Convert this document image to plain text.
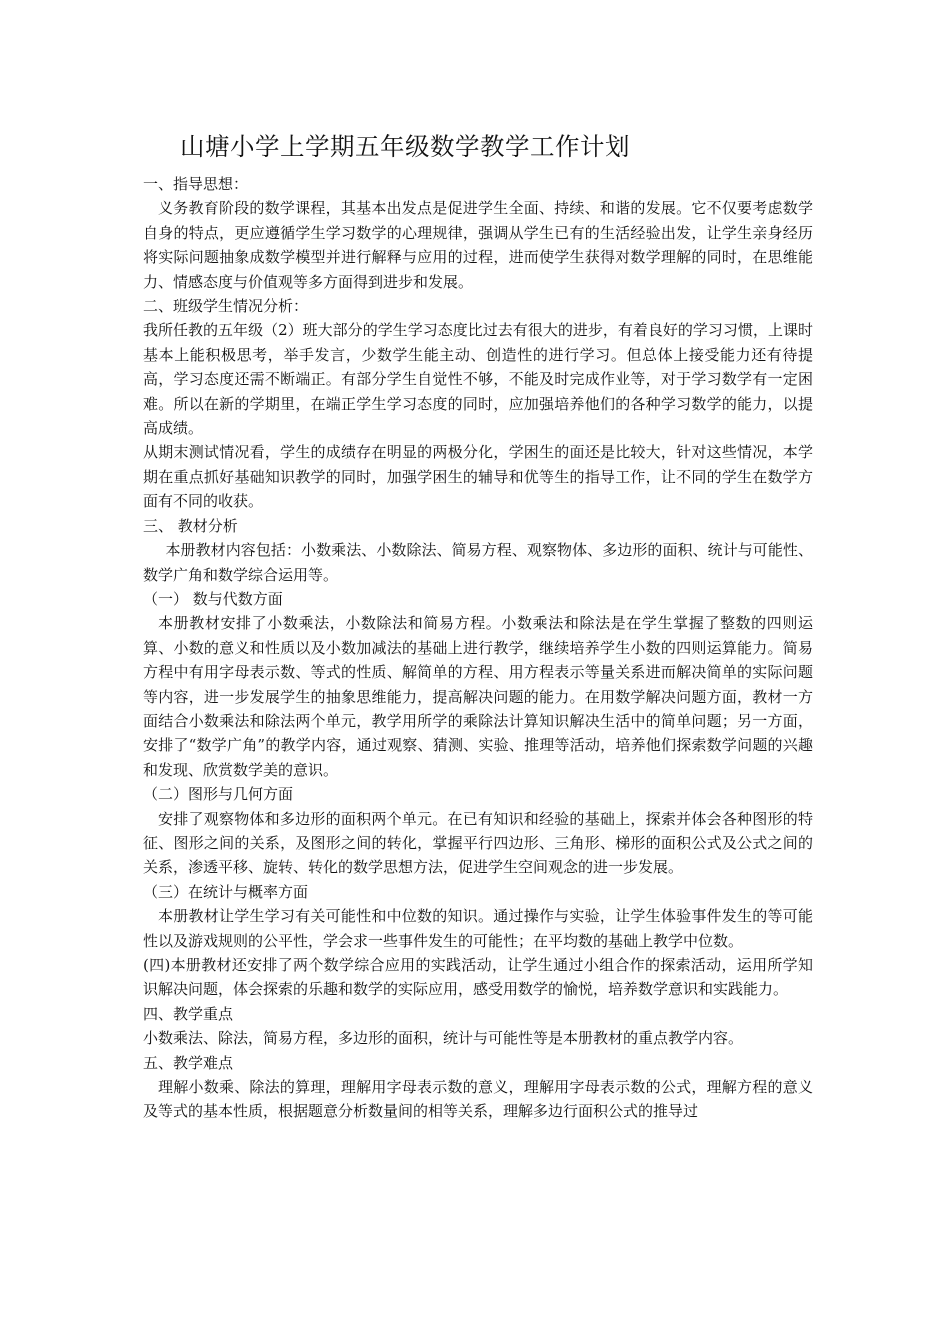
山塘小学上学期五年级数学教学工作计划

一、指导思想：

义务教育阶段的数学课程，其基本出发点是促进学生全面、持续、和谐的发展。它不仅要考虑数学自身的特点，更应遵循学生学习数学的心理规律，强调从学生已有的生活经验出发，让学生亲身经历将实际问题抽象成数学模型并进行解释与应用的过程，进而使学生获得对数学理解的同时，在思维能力、情感态度与价值观等多方面得到进步和发展。

二、班级学生情况分析：

我所任教的五年级（2）班大部分的学生学习态度比过去有很大的进步，有着良好的学习习惯，上课时基本上能积极思考，举手发言，少数学生能主动、创造性的进行学习。但总体上接受能力还有待提高，学习态度还需不断端正。有部分学生自觉性不够，不能及时完成作业等，对于学习数学有一定困难。所以在新的学期里，在端正学生学习态度的同时，应加强培养他们的各种学习数学的能力，以提高成绩。

从期末测试情况看，学生的成绩存在明显的两极分化，学困生的面还是比较大，针对这些情况，本学期在重点抓好基础知识教学的同时，加强学困生的辅导和优等生的指导工作，让不同的学生在数学方面有不同的收获。

三、 教材分析

本册教材内容包括：小数乘法、小数除法、简易方程、观察物体、多边形的面积、统计与可能性、数学广角和数学综合运用等。

（一） 数与代数方面

本册教材安排了小数乘法，小数除法和简易方程。小数乘法和除法是在学生掌握了整数的四则运算、小数的意义和性质以及小数加减法的基础上进行教学，继续培养学生小数的四则运算能力。简易方程中有用字母表示数、等式的性质、解简单的方程、用方程表示等量关系进而解决简单的实际问题等内容，进一步发展学生的抽象思维能力，提高解决问题的能力。在用数学解决问题方面，教材一方面结合小数乘法和除法两个单元，教学用所学的乘除法计算知识解决生活中的简单问题；另一方面，安排了“数学广角”的教学内容，通过观察、猜测、实验、推理等活动，培养他们探索数学问题的兴趣和发现、欣赏数学美的意识。

（二）图形与几何方面

安排了观察物体和多边形的面积两个单元。在已有知识和经验的基础上，探索并体会各种图形的特征、图形之间的关系，及图形之间的转化，掌握平行四边形、三角形、梯形的面积公式及公式之间的关系，渗透平移、旋转、转化的数学思想方法，促进学生空间观念的进一步发展。

（三）在统计与概率方面

本册教材让学生学习有关可能性和中位数的知识。通过操作与实验，让学生体验事件发生的等可能性以及游戏规则的公平性，学会求一些事件发生的可能性；在平均数的基础上教学中位数。

(四)本册教材还安排了两个数学综合应用的实践活动，让学生通过小组合作的探索活动，运用所学知识解决问题，体会探索的乐趣和数学的实际应用，感受用数学的愉悦，培养数学意识和实践能力。

四、教学重点

小数乘法、除法，简易方程，多边形的面积，统计与可能性等是本册教材的重点教学内容。

五、教学难点

理解小数乘、除法的算理，理解用字母表示数的意义，理解用字母表示数的公式，理解方程的意义及等式的基本性质，根据题意分析数量间的相等关系，理解多边行面积公式的推导过
